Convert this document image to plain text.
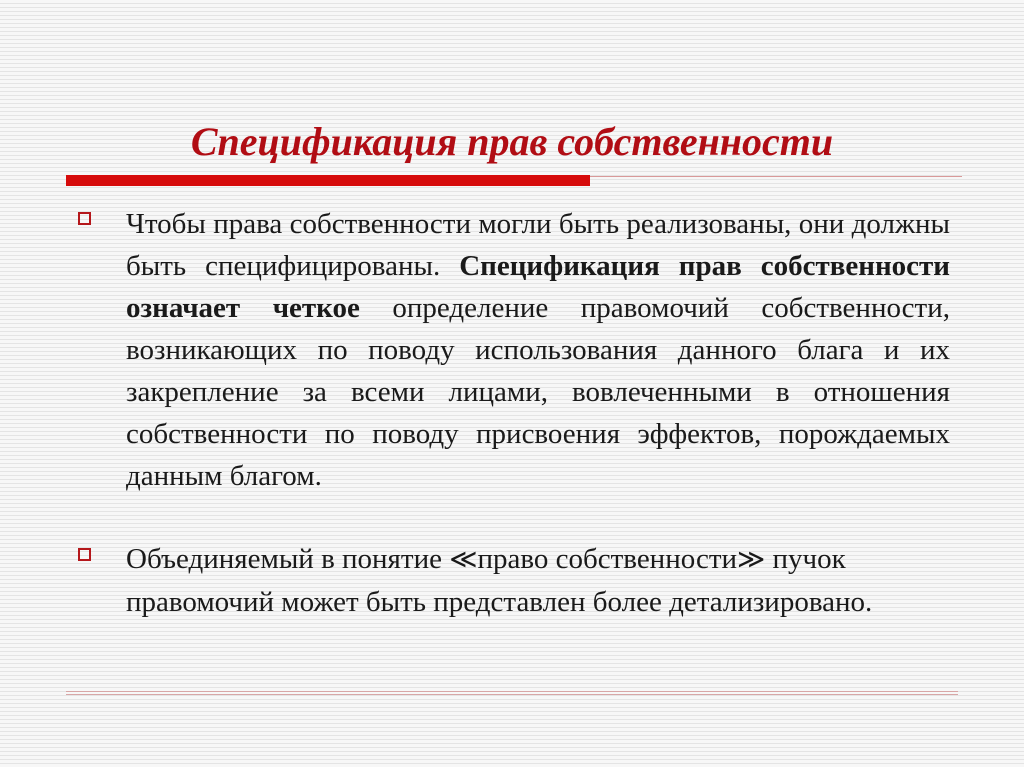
Спецификация прав собственности

Чтобы права собственности могли быть реализованы, они должны быть специфицированы. Спецификация прав собственности означает четкое определение правомочий собственности, возникающих по поводу использования данного блага и их закрепление за всеми лицами, вовлеченными в отношения собственности по поводу присвоения эффектов, порождаемых данным благом.

Объединяемый в понятие ≪право собственности≫ пучок правомочий может быть представлен более детализировано.
